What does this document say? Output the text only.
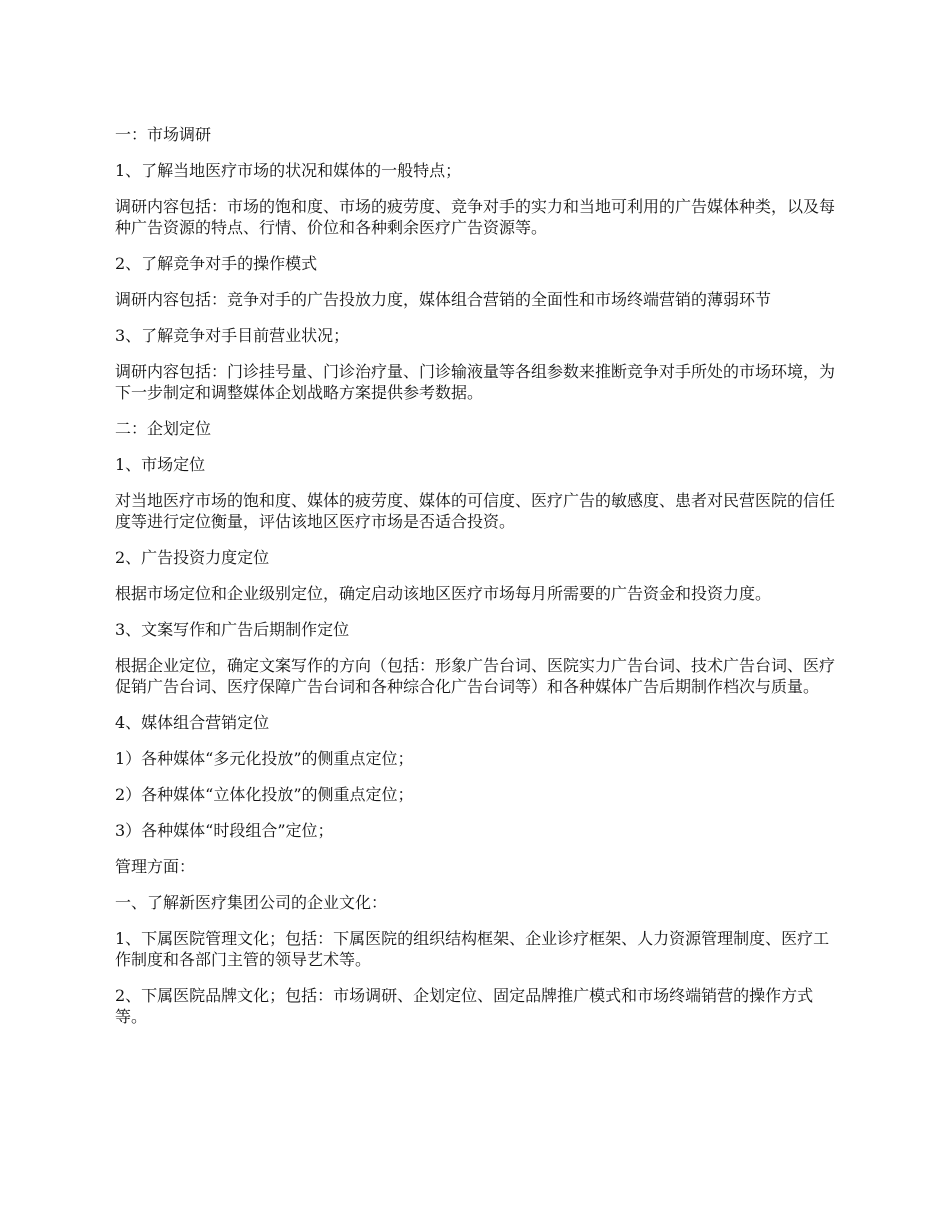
一：市场调研

1、了解当地医疗市场的状况和媒体的一般特点；

调研内容包括：市场的饱和度、市场的疲劳度、竞争对手的实力和当地可利用的广告媒体种类，以及每种广告资源的特点、行情、价位和各种剩余医疗广告资源等。

2、了解竞争对手的操作模式

调研内容包括：竞争对手的广告投放力度，媒体组合营销的全面性和市场终端营销的薄弱环节

3、了解竞争对手目前营业状况；

调研内容包括：门诊挂号量、门诊治疗量、门诊输液量等各组参数来推断竞争对手所处的市场环境，为下一步制定和调整媒体企划战略方案提供参考数据。

二：企划定位

1、市场定位

对当地医疗市场的饱和度、媒体的疲劳度、媒体的可信度、医疗广告的敏感度、患者对民营医院的信任度等进行定位衡量，评估该地区医疗市场是否适合投资。

2、广告投资力度定位

根据市场定位和企业级别定位，确定启动该地区医疗市场每月所需要的广告资金和投资力度。

3、文案写作和广告后期制作定位

根据企业定位，确定文案写作的方向（包括：形象广告台词、医院实力广告台词、技术广告台词、医疗促销广告台词、医疗保障广告台词和各种综合化广告台词等）和各种媒体广告后期制作档次与质量。

4、媒体组合营销定位

1）各种媒体“多元化投放”的侧重点定位；

2）各种媒体“立体化投放”的侧重点定位；

3）各种媒体“时段组合”定位；

管理方面：

一、了解新医疗集团公司的企业文化：

1、下属医院管理文化；包括：下属医院的组织结构框架、企业诊疗框架、人力资源管理制度、医疗工作制度和各部门主管的领导艺术等。

2、下属医院品牌文化；包括：市场调研、企划定位、固定品牌推广模式和市场终端销营的操作方式等。
